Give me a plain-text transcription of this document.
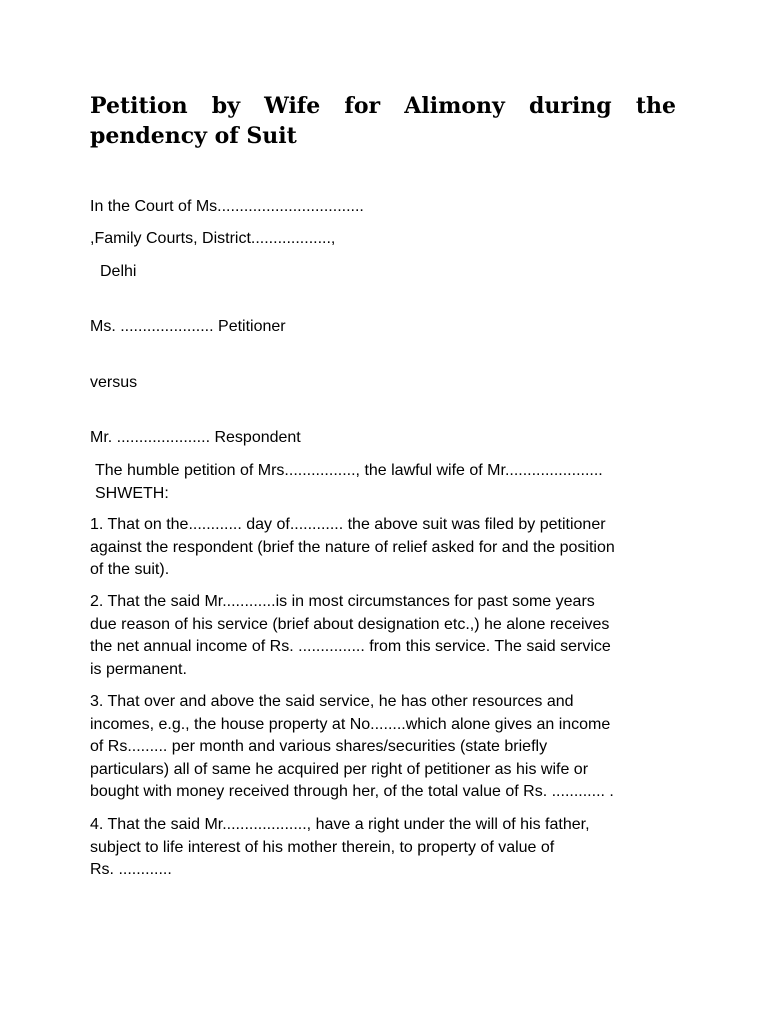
Petition by Wife for Alimony during the pendency of Suit

In the Court of Ms.................................

,Family Courts, District..................,

Delhi

Ms. ..................... Petitioner

versus

Mr. ..................... Respondent

The humble petition of Mrs................, the lawful wife of Mr......................
SHWETH:
1. That on the............ day of............ the above suit was filed by petitioner
against the respondent (brief the nature of relief asked for and the position
of the suit).
2. That the said Mr............is in most circumstances for past some years
due reason of his service (brief about designation etc.,) he alone receives
the net annual income of Rs. ............... from this service. The said service
is permanent.
3. That over and above the said service, he has other resources and
incomes, e.g., the house property at No........which alone gives an income
of Rs......... per month and various shares/securities (state briefly
particulars) all of same he acquired per right of petitioner as his wife or
bought with money received through her, of the total value of Rs. ............ .
4. That the said Mr..................., have a right under the will of his father,
subject to life interest of his mother therein, to property of value of
Rs. ............
